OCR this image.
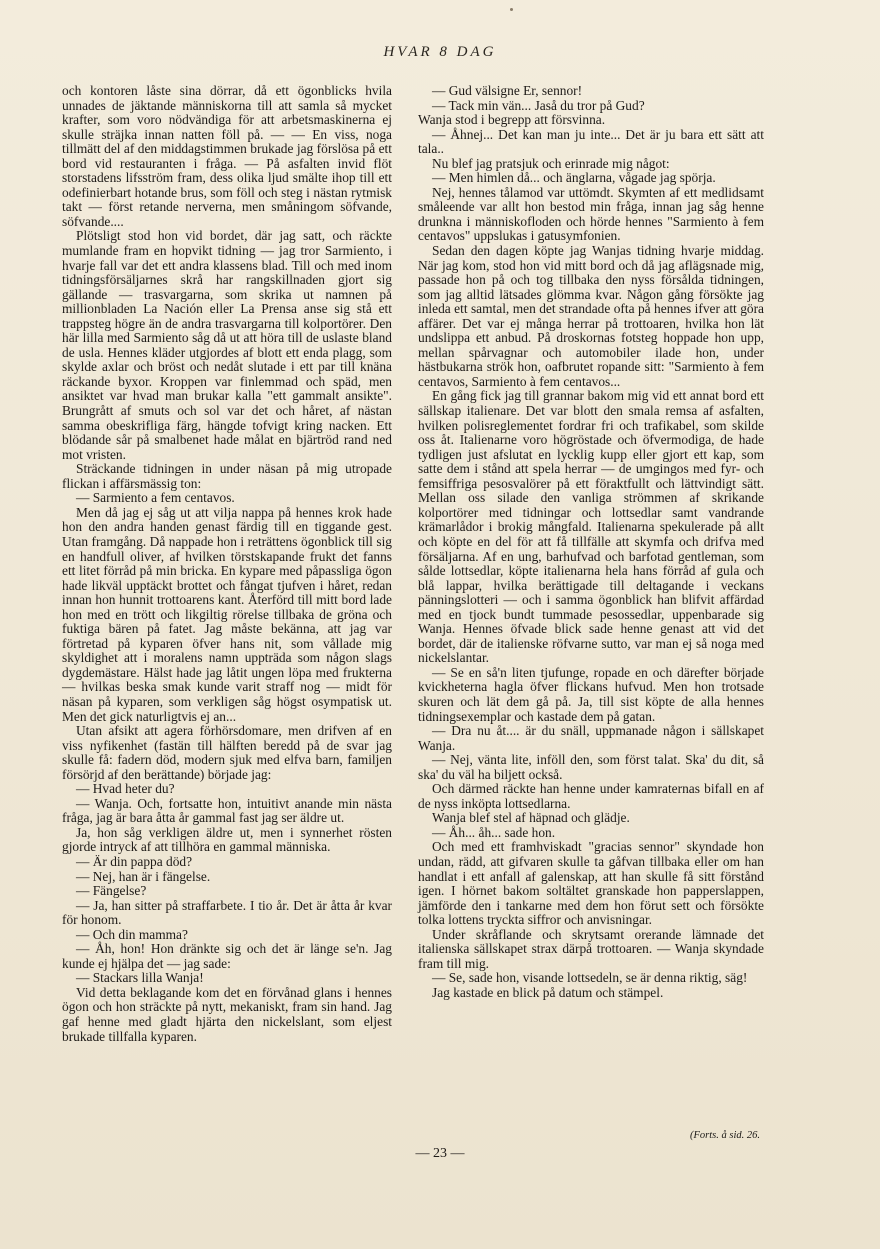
HVAR 8 DAG

och kontoren låste sina dörrar, då ett ögonblicks hvila unnades de jäktande människorna till att samla så mycket krafter, som voro nödvändiga för att arbetsmaskinerna ej skulle sträjka innan natten föll på. — — En viss, noga tillmätt del af den middagstimmen brukade jag förslösa på ett bord vid restauranten i fråga. — På asfalten invid flöt storstadens lifsström fram, dess olika ljud smälte ihop till ett odefinierbart hotande brus, som föll och steg i nästan rytmisk takt — först retande nerverna, men småningom söfvande, söfvande....

Plötsligt stod hon vid bordet, där jag satt, och räckte mumlande fram en hopvikt tidning — jag tror Sarmiento, i hvarje fall var det ett andra klassens blad. Till och med inom tidningsförsäljarnes skrå har rangskillnaden gjort sig gällande — trasvargarna, som skrika ut namnen på millionbladen La Nación eller La Prensa anse sig stå ett trappsteg högre än de andra trasvargarna till kolportörer. Den här lilla med Sarmiento såg då ut att höra till de uslaste bland de usla. Hennes kläder utgjordes af blott ett enda plagg, som skylde axlar och bröst och nedåt slutade i ett par till knäna räckande byxor. Kroppen var finlemmad och späd, men ansiktet var hvad man brukar kalla "ett gammalt ansikte". Brungrått af smuts och sol var det och håret, af nästan samma obeskrifliga färg, hängde tofvigt kring nacken. Ett blödande sår på smalbenet hade målat en bjärtröd rand ned mot vristen.

Sträckande tidningen in under näsan på mig utropade flickan i affärsmässig ton:

— Sarmiento a fem centavos.

Men då jag ej såg ut att vilja nappa på hennes krok hade hon den andra handen genast färdig till en tiggande gest. Utan framgång. Då nappade hon i reträttens ögonblick till sig en handfull oliver, af hvilken törstskapande frukt det fanns ett litet förråd på min bricka. En kypare med påpassliga ögon hade likväl upptäckt brottet och fångat tjufven i håret, redan innan hon hunnit trottoarens kant. Återförd till mitt bord lade hon med en trött och likgiltig rörelse tillbaka de gröna och fuktiga bären på fatet. Jag måste bekänna, att jag var förtretad på kyparen öfver hans nit, som vållade mig skyldighet att i moralens namn uppträda som någon slags dygdemästare. Hälst hade jag låtit ungen löpa med frukterna — hvilkas beska smak kunde varit straff nog — midt för näsan på kyparen, som verkligen såg högst osympatisk ut. Men det gick naturligtvis ej an...

Utan afsikt att agera förhörsdomare, men drifven af en viss nyfikenhet (fastän till hälften beredd på de svar jag skulle få: fadern död, modern sjuk med elfva barn, familjen försörjd af den berättande) började jag:

— Hvad heter du?

— Wanja. Och, fortsatte hon, intuitivt anande min nästa fråga, jag är bara åtta år gammal fast jag ser äldre ut.

Ja, hon såg verkligen äldre ut, men i synnerhet rösten gjorde intryck af att tillhöra en gammal människa.

— Är din pappa död?

— Nej, han är i fängelse.

— Fängelse?

— Ja, han sitter på straffarbete. I tio år. Det är åtta år kvar för honom.

— Och din mamma?

— Åh, hon! Hon dränkte sig och det är länge se'n. Jag kunde ej hjälpa det — jag sade:

— Stackars lilla Wanja!

Vid detta beklagande kom det en förvånad glans i hennes ögon och hon sträckte på nytt, mekaniskt, fram sin hand. Jag gaf henne med gladt hjärta den nickelslant, som eljest brukade tillfalla kyparen.

— Gud välsigne Er, sennor!

— Tack min vän... Jaså du tror på Gud?

Wanja stod i begrepp att försvinna.

— Åhnej... Det kan man ju inte... Det är ju bara ett sätt att tala..

Nu blef jag pratsjuk och erinrade mig något:

— Men himlen då... och änglarna, vågade jag spörja.

Nej, hennes tålamod var uttömdt. Skymten af ett medlidsamt småleende var allt hon bestod min fråga, innan jag såg henne drunkna i människofloden och hörde hennes "Sarmiento à fem centavos" uppslukas i gatusymfonien.

Sedan den dagen köpte jag Wanjas tidning hvarje middag. När jag kom, stod hon vid mitt bord och då jag aflägsnade mig, passade hon på och tog tillbaka den nyss försålda tidningen, som jag alltid lätsades glömma kvar. Någon gång försökte jag inleda ett samtal, men det strandade ofta på hennes ifver att göra affärer. Det var ej många herrar på trottoaren, hvilka hon lät undslippa ett anbud. På droskornas fotsteg hoppade hon upp, mellan spårvagnar och automobiler ilade hon, under hästbukarna strök hon, oafbrutet ropande sitt: "Sarmiento à fem centavos, Sarmiento à fem centavos...

En gång fick jag till grannar bakom mig vid ett annat bord ett sällskap italienare. Det var blott den smala remsa af asfalten, hvilken polisreglementet fordrar fri och trafikabel, som skilde oss åt. Italienarne voro högröstade och öfvermodiga, de hade tydligen just afslutat en lycklig kupp eller gjort ett kap, som satte dem i stånd att spela herrar — de umgingos med fyr- och femsiffriga pesosvalörer på ett föraktfullt och lättvindigt sätt. Mellan oss silade den vanliga strömmen af skrikande kolportörer med tidningar och lottsedlar samt vandrande krämarlådor i brokig mångfald. Italienarna spekulerade på allt och köpte en del för att få tillfälle att skymfa och drifva med försäljarna. Af en ung, barhufvad och barfotad gentleman, som sålde lottsedlar, köpte italienarna hela hans förråd af gula och blå lappar, hvilka berättigade till deltagande i veckans pänningslotteri — och i samma ögonblick han blifvit affärdad med en tjock bundt tummade pesossedlar, uppenbarade sig Wanja. Hennes öfvade blick sade henne genast att vid det bordet, där de italienske röfvarne sutto, var man ej så noga med nickelslantar.

— Se en så'n liten tjufunge, ropade en och därefter började kvickheterna hagla öfver flickans hufvud. Men hon trotsade skuren och lät dem gå på. Ja, till sist köpte de alla hennes tidningsexemplar och kastade dem på gatan.

— Dra nu åt.... är du snäll, uppmanade någon i sällskapet Wanja.

— Nej, vänta lite, inföll den, som först talat. Ska' du dit, så ska' du väl ha biljett också.

Och därmed räckte han henne under kamraternas bifall en af de nyss inköpta lottsedlarna.

Wanja blef stel af häpnad och glädje.

— Åh... åh... sade hon.

Och med ett framhviskadt "gracias sennor" skyndade hon undan, rädd, att gifvaren skulle ta gåfvan tillbaka eller om han handlat i ett anfall af galenskap, att han skulle få sitt förstånd igen. I hörnet bakom soltältet granskade hon papperslappen, jämförde den i tankarne med dem hon förut sett och försökte tolka lottens tryckta siffror och anvisningar.

Under skråflande och skrytsamt orerande lämnade det italienska sällskapet strax därpå trottoaren. — Wanja skyndade fram till mig.

— Se, sade hon, visande lottsedeln, se är denna riktig, säg!

Jag kastade en blick på datum och stämpel.

(Forts. å sid. 26.
— 23 —
